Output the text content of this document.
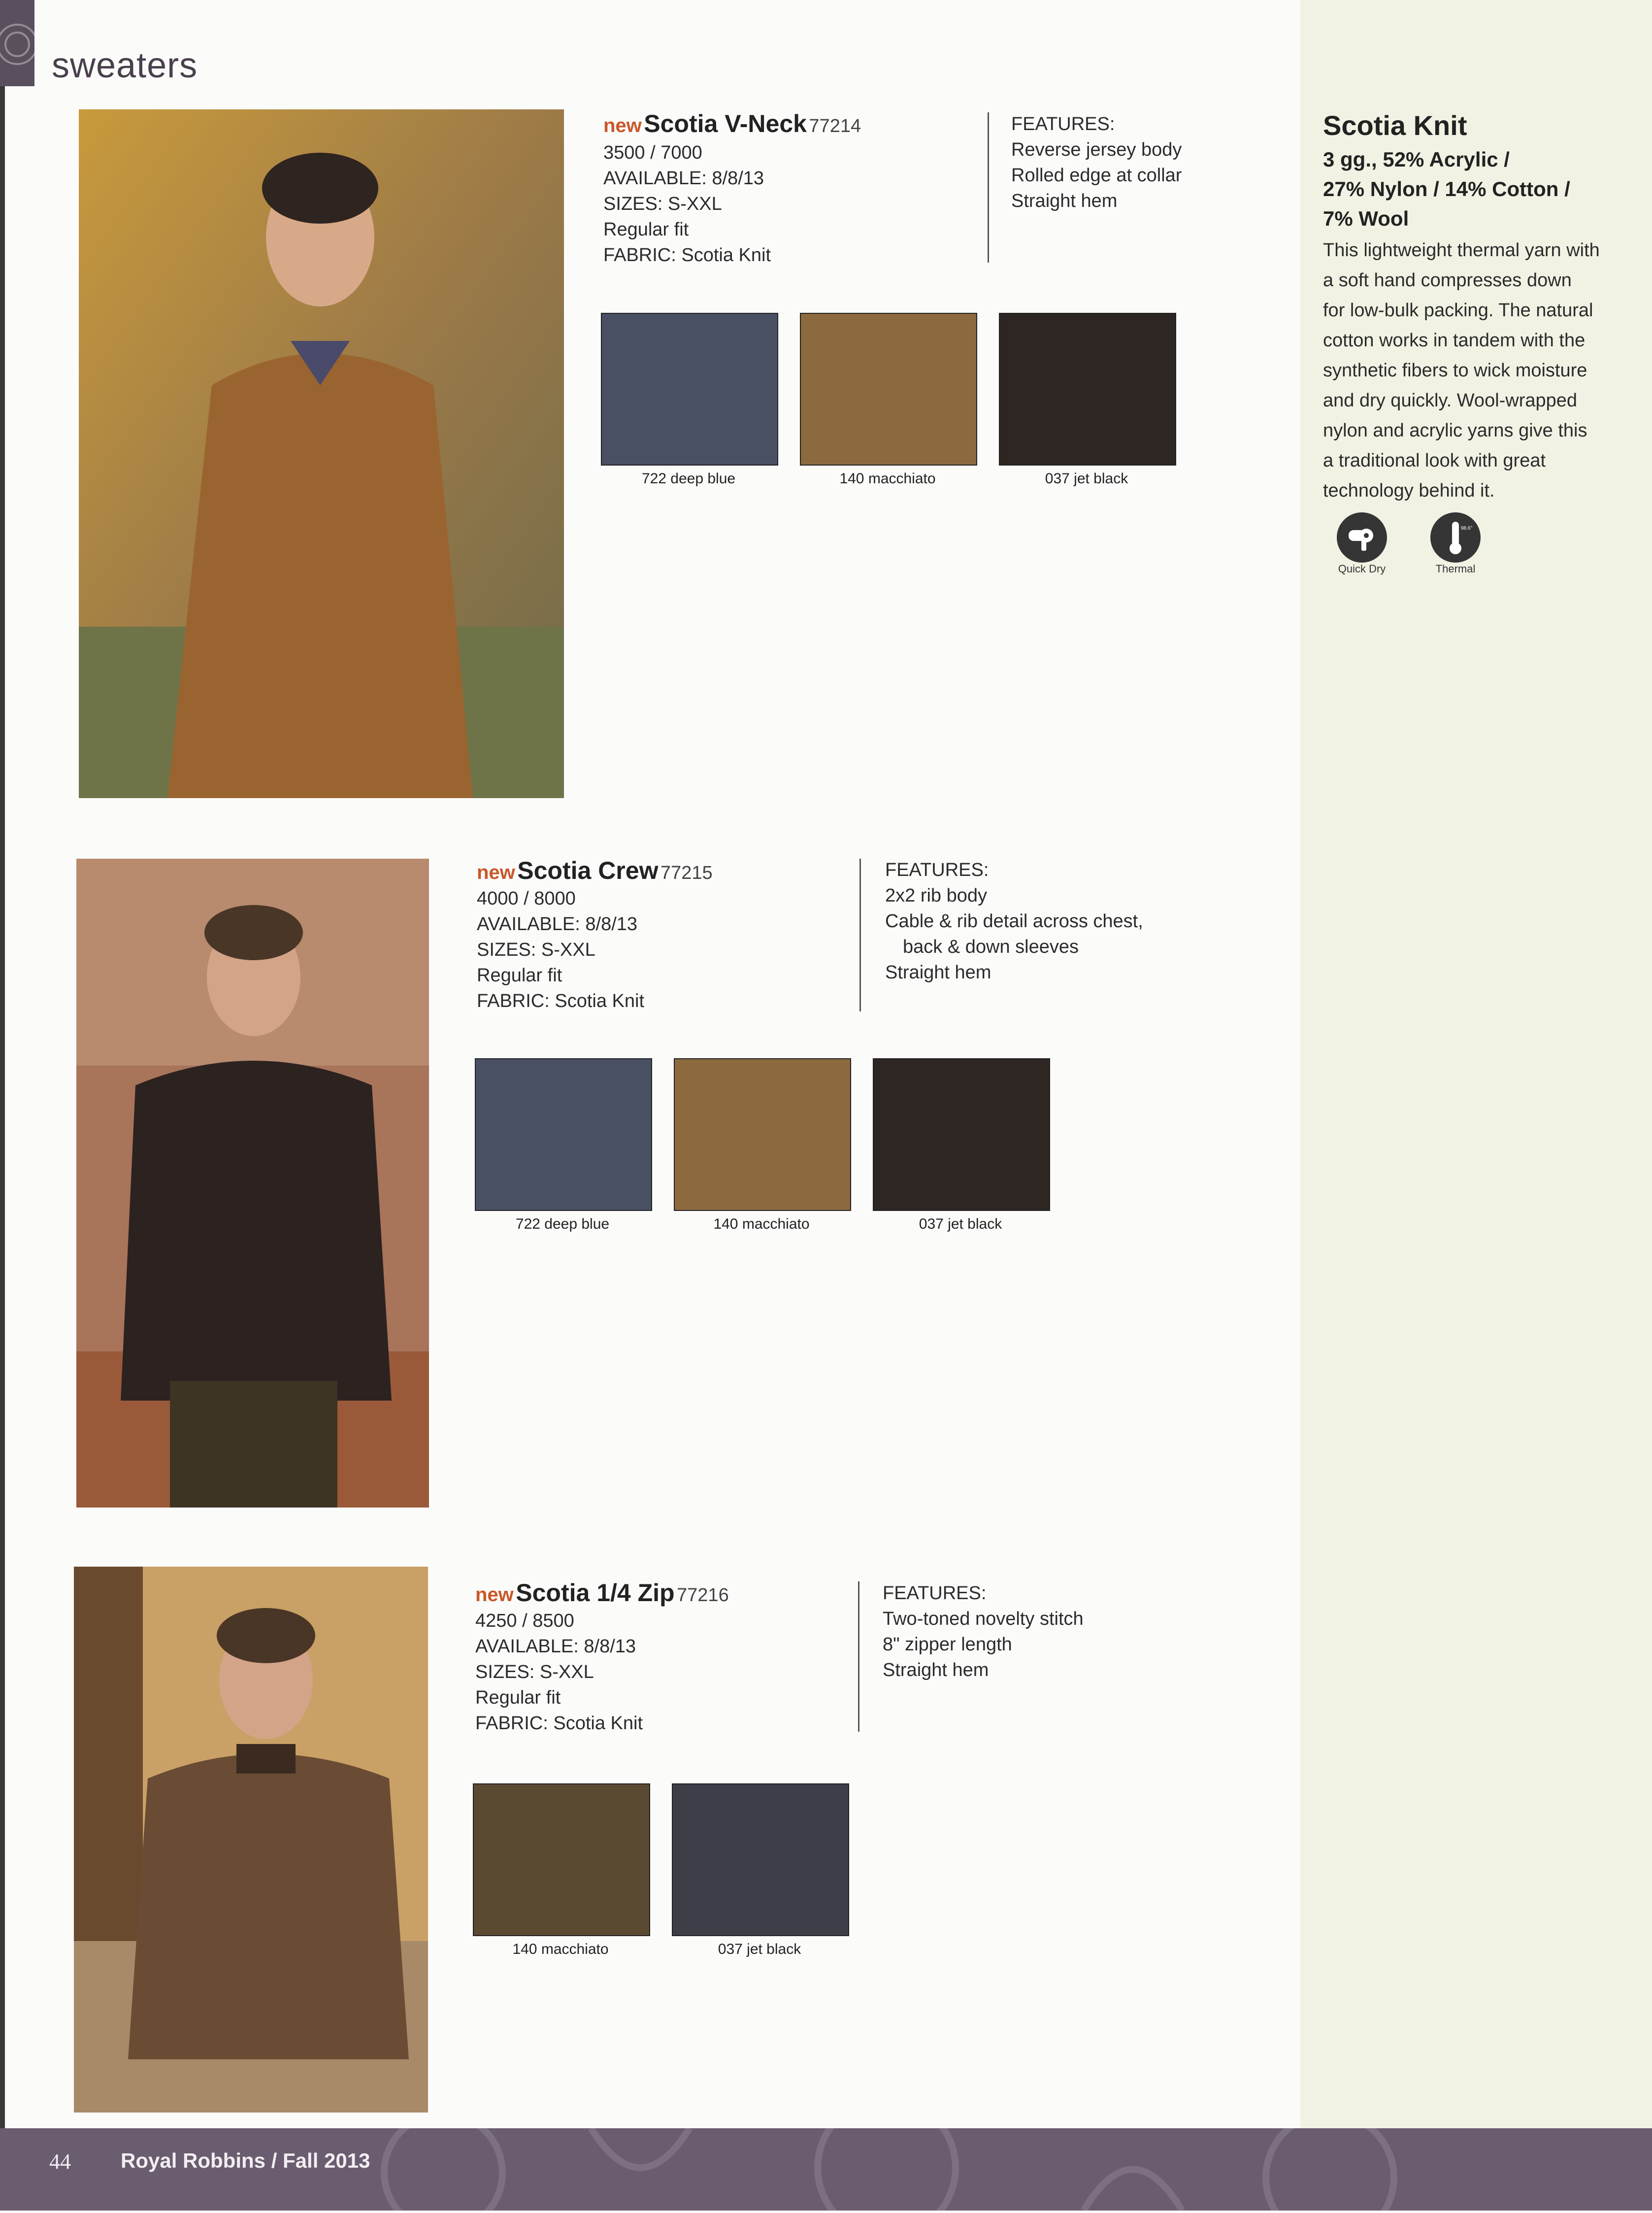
sweaters
Scotia Knit
3 gg., 52% Acrylic /
27% Nylon / 14% Cotton /
7% Wool
This lightweight thermal yarn with
a soft hand compresses down
for low-bulk packing. The natural
cotton works in tandem with the
synthetic fibers to wick moisture
and dry quickly. Wool-wrapped
nylon and acrylic yarns give this
a traditional look with great
technology behind it.
Quick Dry
98.6°
Thermal
new Scotia V-Neck 77214
3500 / 7000
AVAILABLE: 8/8/13
SIZES: S-XXL
Regular fit
FABRIC: Scotia Knit
FEATURES:
Reverse jersey body
Rolled edge at collar
Straight hem
722 deep blue	140 macchiato	037 jet black
new Scotia Crew 77215
4000 / 8000
AVAILABLE: 8/8/13
SIZES: S-XXL
Regular fit
FABRIC: Scotia Knit
FEATURES:
2x2 rib body
Cable & rib detail across chest,
back & down sleeves
Straight hem
722 deep blue	140 macchiato	037 jet black
new Scotia 1/4 Zip 77216
4250 / 8500
AVAILABLE: 8/8/13
SIZES: S-XXL
Regular fit
FABRIC: Scotia Knit
FEATURES:
Two-toned novelty stitch
8" zipper length
Straight hem
140 macchiato	037 jet black
44 Royal Robbins / Fall 2013
